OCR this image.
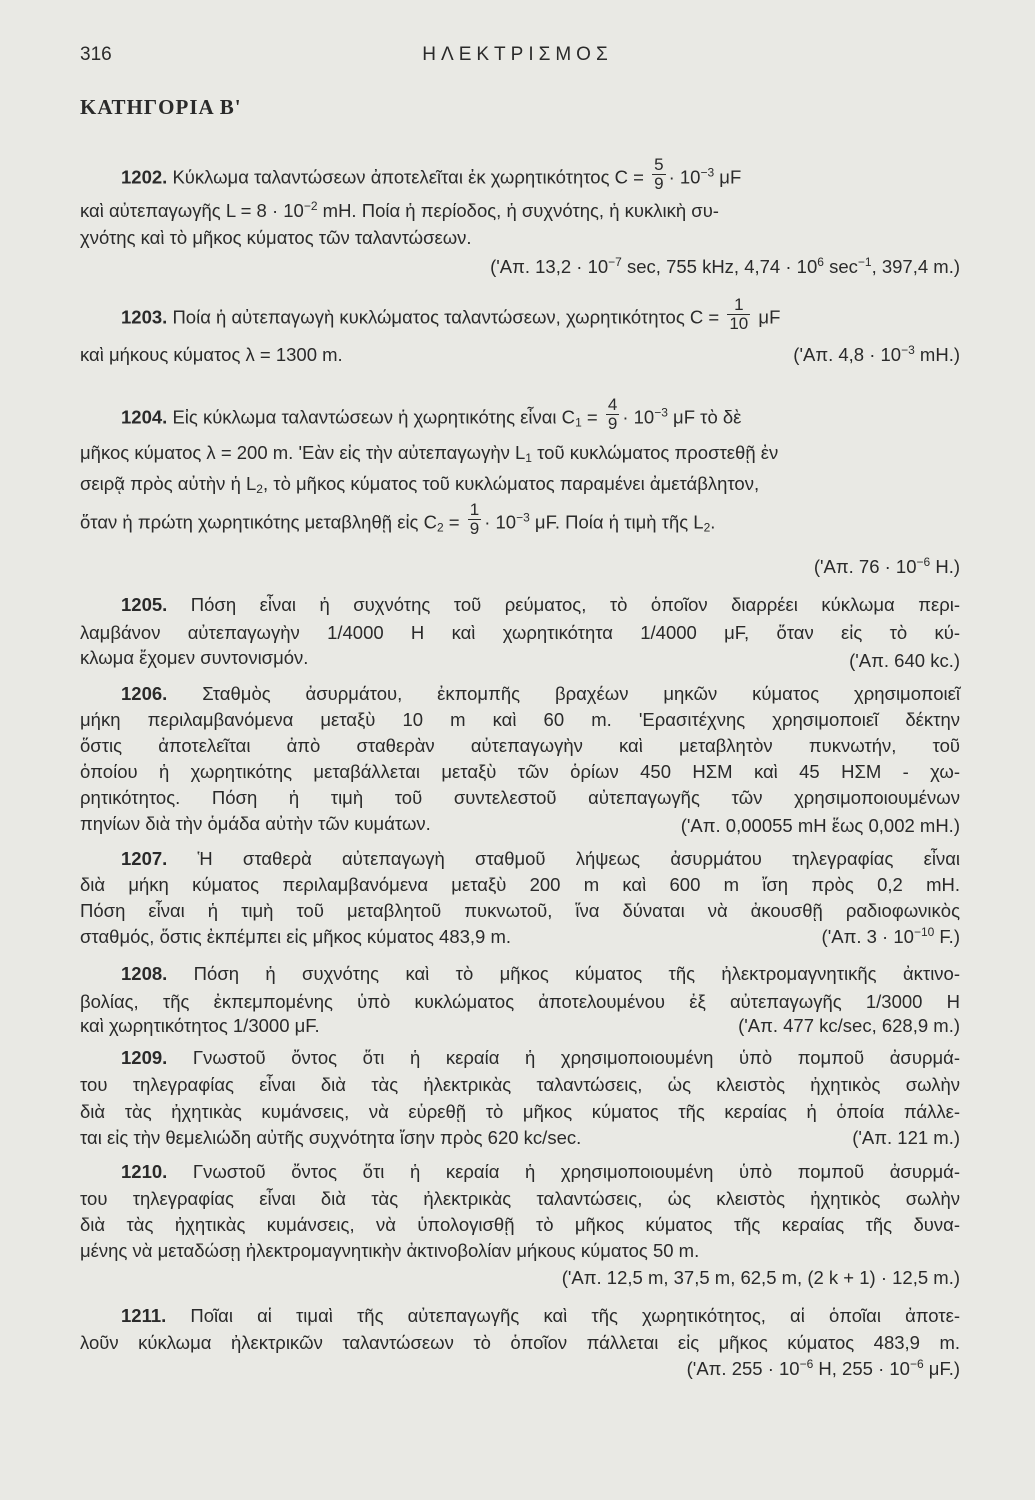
316	ΗΛΕΚΤΡΙΣΜΟΣ
ΚΑΤΗΓΟΡΙΑ Β'
1202. Κύκλωμα ταλαντώσεων ἀποτελεῖται ἐκ χωρητικότητος $C = \frac{5}{9} \cdot 10^{-3}$ μF
καὶ αὐτεπαγωγῆς $L = 8 \cdot 10^{-2}$ mH. Ποία ἡ περίοδος, ἡ συχνότης, ἡ κυκλικὴ συ-
χνότης καὶ τὸ μῆκος κύματος τῶν ταλαντώσεων.
('Απ. $13,2 \cdot 10^{-7}$ sec, 755 kHz, $4,74 \cdot 10^6$ $\sec^{-1}$, 397,4 m.)
1203. Ποία ἡ αὐτεπαγωγὴ κυκλώματος ταλαντώσεων, χωρητικότητος $C = \frac{1}{10}$ μF
καὶ μήκους κύματος λ = 1300 m.	('Απ. $4,8 \cdot 10^{-3}$ mH.)
1204. Εἰς κύκλωμα ταλαντώσεων ἡ χωρητικότης εἶναι $C_1 = \frac{4}{9} \cdot 10^{-3}$ μF τὸ δὲ
μῆκος κύματος λ = 200 m. 'Εὰν εἰς τὴν αὐτεπαγωγὴν $L_1$ τοῦ κυκλώματος προστεθῇ ἐν
σειρᾷ πρὸς αὐτὴν ἡ $L_2$, τὸ μῆκος κύματος τοῦ κυκλώματος παραμένει ἀμετάβλητον,
ὅταν ἡ πρώτη χωρητικότης μεταβληθῇ εἰς $C_2 = \frac{1}{9} \cdot 10^{-3}$ μF. Ποία ἡ τιμὴ τῆς $L_2$.
('Απ. $76 \cdot 10^{-6}$ H.)
1205. Πόση εἶναι ἡ συχνότης τοῦ ρεύματος, τὸ ὁποῖον διαρρέει κύκλωμα περι-
λαμβάνον αὐτεπαγωγὴν 1/4000 H καὶ χωρητικότητα 1/4000 μF, ὅταν εἰς τὸ κύ-
κλωμα ἔχομεν συντονισμόν.	('Απ. 640 kc.)
1206. Σταθμὸς ἀσυρμάτου, ἐκπομπῆς βραχέων μηκῶν κύματος χρησιμοποιεῖ
μήκη περιλαμβανόμενα μεταξὺ 10 m καὶ 60 m. 'Ερασιτέχνης χρησιμοποιεῖ δέκτην
ὅστις ἀποτελεῖται ἀπὸ σταθερὰν αὐτεπαγωγὴν καὶ μεταβλητὸν πυκνωτήν, τοῦ
ὁποίου ἡ χωρητικότης μεταβάλλεται μεταξὺ τῶν ὁρίων 450 ΗΣΜ καὶ 45 ΗΣΜ - χω-
ρητικότητος. Πόση ἡ τιμὴ τοῦ συντελεστοῦ αὐτεπαγωγῆς τῶν χρησιμοποιουμένων
πηνίων διὰ τὴν ὁμάδα αὐτὴν τῶν κυμάτων.	('Απ. 0,00055 mH ἕως 0,002 mH.)
1207. Ἡ σταθερὰ αὐτεπαγωγὴ σταθμοῦ λήψεως ἀσυρμάτου τηλεγραφίας εἶναι
διὰ μήκη κύματος περιλαμβανόμενα μεταξὺ 200 m καὶ 600 m ἴση πρὸς 0,2 mH.
Πόση εἶναι ἡ τιμὴ τοῦ μεταβλητοῦ πυκνωτοῦ, ἵνα δύναται νὰ ἀκουσθῇ ραδιοφωνικὸς
σταθμός, ὅστις ἐκπέμπει εἰς μῆκος κύματος 483,9 m.	('Απ. $3 \cdot 10^{-10}$ F.)
1208. Πόση ἡ συχνότης καὶ τὸ μῆκος κύματος τῆς ἠλεκτρομαγνητικῆς ἀκτινο-
βολίας, τῆς ἐκπεμπομένης ὑπὸ κυκλώματος ἀποτελουμένου ἐξ αὐτεπαγωγῆς 1/3000 H
καὶ χωρητικότητος 1/3000 μF.	('Απ. 477 kc/sec, 628,9 m.)
1209. Γνωστοῦ ὄντος ὅτι ἡ κεραία ἡ χρησιμοποιουμένη ὑπὸ πομποῦ ἀσυρμά-
του τηλεγραφίας εἶναι διὰ τὰς ἠλεκτρικὰς ταλαντώσεις, ὡς κλειστὸς ἠχητικὸς σωλὴν
διὰ τὰς ἠχητικὰς κυμάνσεις, νὰ εὑρεθῇ τὸ μῆκος κύματος τῆς κεραίας ἡ ὁποία πάλλε-
ται εἰς τὴν θεμελιώδη αὐτῆς συχνότητα ἴσην πρὸς 620 kc/sec.	('Απ. 121 m.)
1210. Γνωστοῦ ὄντος ὅτι ἡ κεραία ἡ χρησιμοποιουμένη ὑπὸ πομποῦ ἀσυρμά-
του τηλεγραφίας εἶναι διὰ τὰς ἠλεκτρικὰς ταλαντώσεις, ὡς κλειστὸς ἠχητικὸς σωλὴν
διὰ τὰς ἠχητικὰς κυμάνσεις, νὰ ὑπολογισθῇ τὸ μῆκος κύματος τῆς κεραίας τῆς δυνα-
μένης νὰ μεταδώσῃ ἠλεκτρομαγνητικὴν ἀκτινοβολίαν μήκους κύματος 50 m.
('Απ. 12,5 m, 37,5 m, 62,5 m, (2 k + 1) · 12,5 m.)
1211. Ποῖαι αἱ τιμαὶ τῆς αὐτεπαγωγῆς καὶ τῆς χωρητικότητος, αἱ ὁποῖαι ἀποτε-
λοῦν κύκλωμα ἠλεκτρικῶν ταλαντώσεων τὸ ὁποῖον πάλλεται εἰς μῆκος κύματος 483,9 m.
('Απ. $255 \cdot 10^{-6}$ H, $255 \cdot 10^{-6}$ μF.)
